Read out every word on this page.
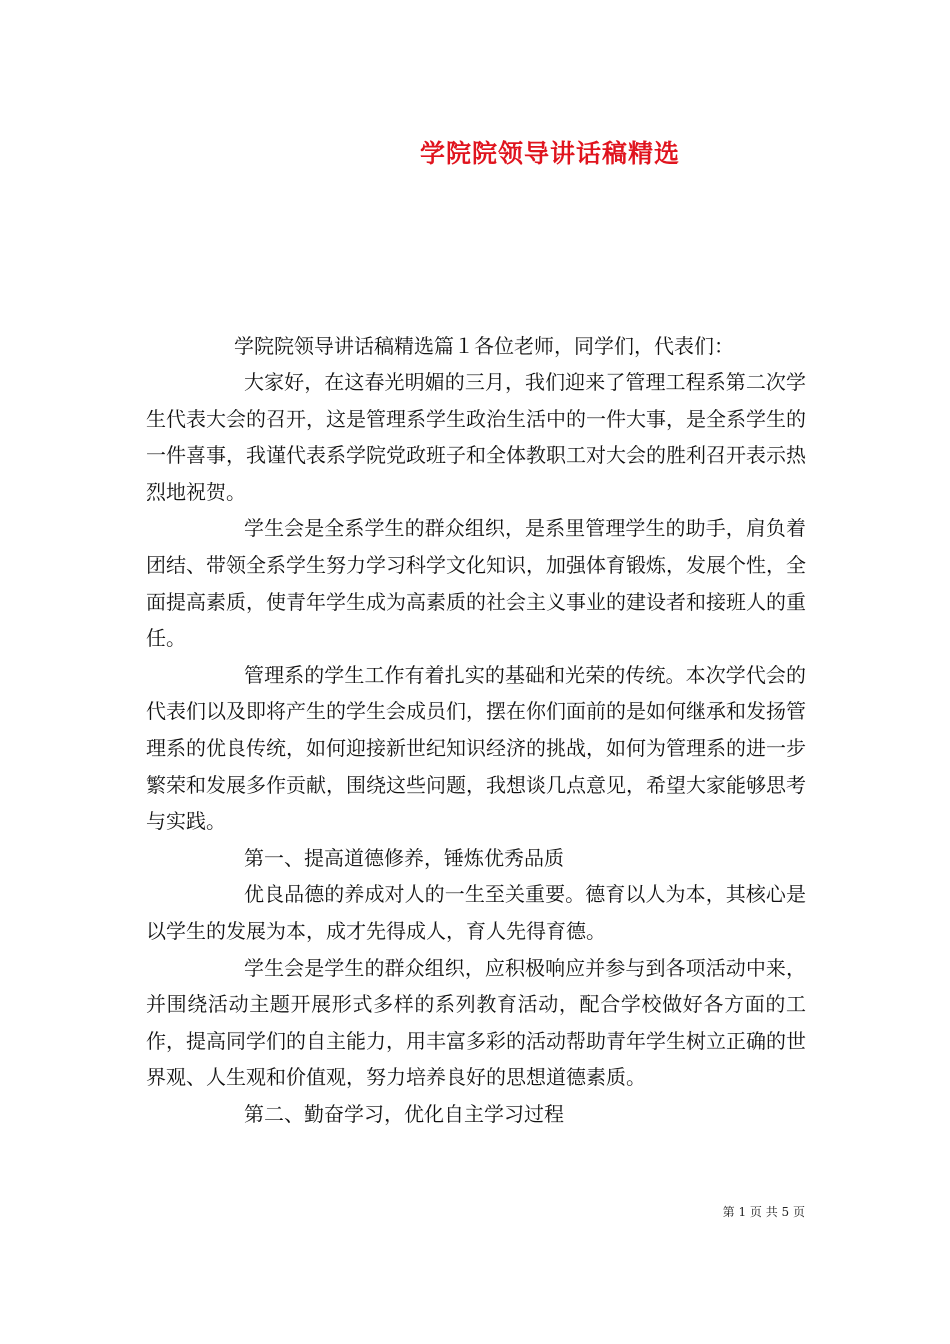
学院院领导讲话稿精选
学院院领导讲话稿精选篇１各位老师，同学们，代表们：

大家好，在这春光明媚的三月，我们迎来了管理工程系第二次学生代表大会的召开，这是管理系学生政治生活中的一件大事，是全系学生的一件喜事，我谨代表系学院党政班子和全体教职工对大会的胜利召开表示热烈地祝贺。

学生会是全系学生的群众组织，是系里管理学生的助手，肩负着团结、带领全系学生努力学习科学文化知识，加强体育锻炼，发展个性，全面提高素质，使青年学生成为高素质的社会主义事业的建设者和接班人的重任。

管理系的学生工作有着扎实的基础和光荣的传统。本次学代会的代表们以及即将产生的学生会成员们，摆在你们面前的是如何继承和发扬管理系的优良传统，如何迎接新世纪知识经济的挑战，如何为管理系的进一步繁荣和发展多作贡献，围绕这些问题，我想谈几点意见，希望大家能够思考与实践。

第一、提高道德修养，锤炼优秀品质

优良品德的养成对人的一生至关重要。德育以人为本，其核心是以学生的发展为本，成才先得成人，育人先得育德。

学生会是学生的群众组织，应积极响应并参与到各项活动中来，并围绕活动主题开展形式多样的系列教育活动，配合学校做好各方面的工作，提高同学们的自主能力，用丰富多彩的活动帮助青年学生树立正确的世界观、人生观和价值观，努力培养良好的思想道德素质。

第二、勤奋学习，优化自主学习过程

第 1 页 共 5 页
